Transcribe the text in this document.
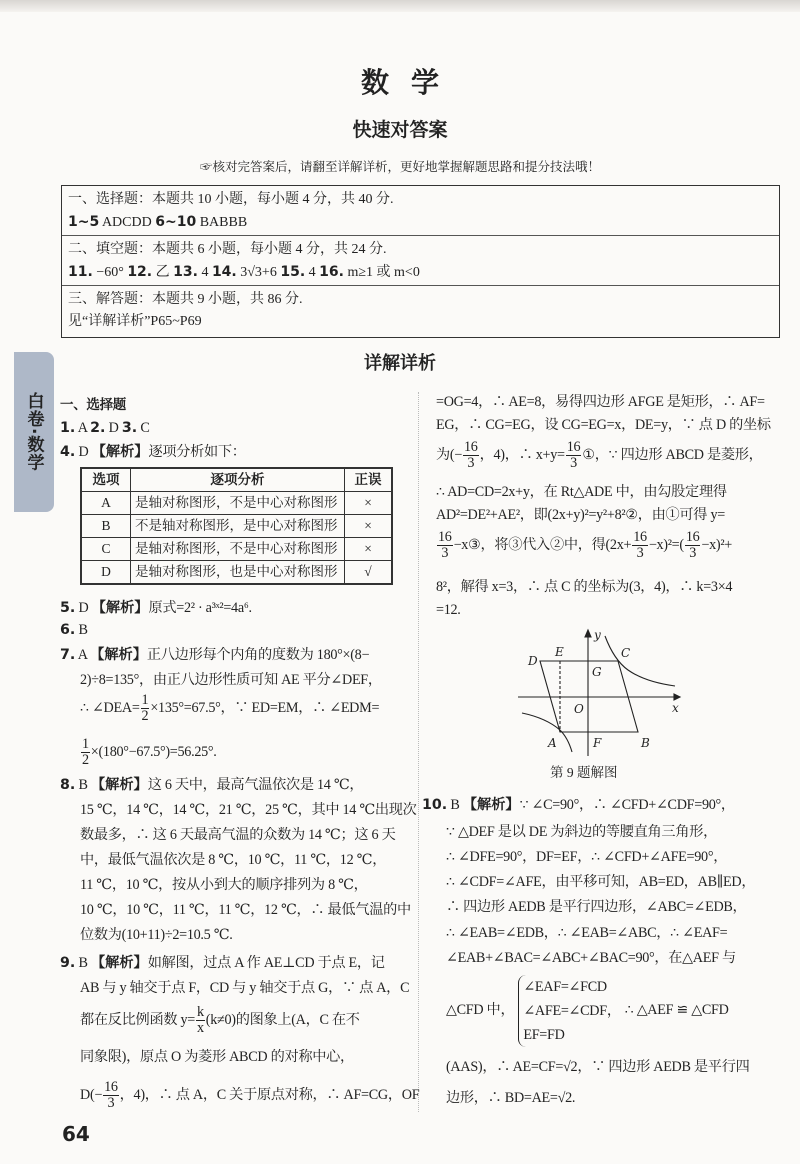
数学
快速对答案
☞核对完答案后，请翻至详解详析，更好地掌握解题思路和提分技法哦！
一、选择题：本题共 10 小题，每小题 4 分，共 40 分.
1~5 ADCDD 6~10 BABBB
二、填空题：本题共 6 小题，每小题 4 分，共 24 分.
11. −60° 12. 乙 13. 4 14. 3√3+6 15. 4 16. m≥1 或 m<0
三、解答题：本题共 9 小题，共 86 分.
见“详解详析”P65~P69
详解详析
白卷·数学 一、选择题
1. A 2. D 3. C
4. D 【解析】逐项分析如下：
5. D 【解析】原式=2² · a³ˣ²=4a⁶.
6. B
7. A 【解析】正八边形每个内角的度数为 180°×(8−
2)÷8=135°，由正八边形性质可知 AE 平分∠DEF，
∴ ∠DEA= $\frac{1}{2} \times 135^\circ=67.5^\circ$，∵ ED=EM，∴ ∠EDM=
$\frac{1}{2} \times(180^\circ-67.5^\circ)=56.25^\circ$.
8. B 【解析】这 6 天中，最高气温依次是 14 ℃，
15 ℃，14 ℃，14 ℃，21 ℃，25 ℃，其中 14 ℃出现次
数最多，∴ 这 6 天最高气温的众数为 14 ℃；这 6 天
中，最低气温依次是 8 ℃，10 ℃，11 ℃，12 ℃，
11 ℃，10 ℃，按从小到大的顺序排列为 8 ℃，
10 ℃，10 ℃，11 ℃，11 ℃，12 ℃，∴ 最低气温的中
位数为(10+11)÷2=10.5 ℃.
9. B 【解析】如解图，过点 A 作 AE⊥CD 于点 E，记
AB 与 y 轴交于点 F，CD 与 y 轴交于点 G，∵ 点 A，C
都在反比例函数 $y= \frac{k}{x} (k\ne 0)$的图象上(A，C 在不
同象限)，原点 O 为菱形 ABCD 的对称中心，
$D(- \frac{16}{3}$ ，4)，∴ 点 A，C 关于原点对称，∴ AF=CG，OF
=OG=4，∴ AE=8，易得四边形 AFGE 是矩形，∴ AF=
EG，∴ CG=EG，设 CG=EG=x，DE=y，∵ 点 D 的坐标
为(− $\frac{16}{3}$ ，4)，∴ $x+y= \frac{16}{3}$ ①，∵ 四边形 ABCD 是菱形，
∴ AD=CD=2x+y，在 Rt△ADE 中，由勾股定理得
AD²=DE²+AE²，即(2x+y)²=y²+8²②，由①可得 y=
$\frac{16}{3}$ −x③，将③代入②中，得$(2x+ \frac{16}{3} -x)^2=( \frac{16}{3} -x)^2+$
8²，解得 x=3，∴ 点 C 的坐标为(3，4)，∴ k=3×4
=12.
10. B 【解析】∵ ∠C=90°，∴ ∠CFD+∠CDF=90°，
∵ △DEF 是以 DE 为斜边的等腰直角三角形，
∴ ∠DFE=90°，DF=EF，∴ ∠CFD+∠AFE=90°，
∴ ∠CDF=∠AFE，由平移可知，AB=ED，AB∥ED，
∴ 四边形 AEDB 是平行四边形，∠ABC=∠EDB，
∴ ∠EAB=∠EDB，∴ ∠EAB=∠ABC，∴ ∠EAF=
∠EAB+∠BAC=∠ABC+∠BAC=90°，在△AEF 与
△CFD 中，
∠EAF=∠FCD
∠AFE=∠CDF，
EF=FD
∴ △AEF ≌ △CFD
(AAS)，∴ AE=CF=√2，∵ 四边形 AEDB 是平行四
边形，∴ BD=AE=√2.
选项	逐项分析	正误
A	是轴对称图形，不是中心对称图形	×
B	不是轴对称图形，是中心对称图形	×
C	是轴对称图形，不是中心对称图形	×
D	是轴对称图形，也是中心对称图形	√
D
E
G
C
y
O	x
A	F	B
第 9 题解图
64
